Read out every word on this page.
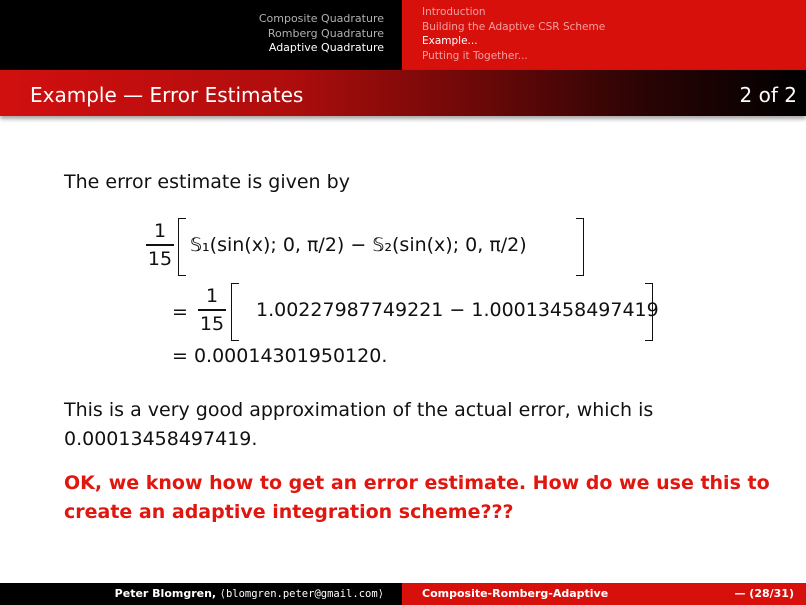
Composite Quadrature
Romberg Quadrature
Adaptive Quadrature
Introduction
Building the Adaptive CSR Scheme
Example...
Putting it Together...
Example — Error Estimates	2 of 2
The error estimate is given by
1
15
𝕊₁(sin(x); 0, π/2) − 𝕊₂(sin(x); 0, π/2)
=
1
15
1.00227987749221 − 1.00013458497419
= 0.00014301950120.
This is a very good approximation of the actual error, which is 0.00013458497419.
OK, we know how to get an error estimate. How do we use this to create an adaptive integration scheme???
Peter Blomgren, ⟨blomgren.peter@gmail.com⟩	Composite-Romberg-Adaptive	— (28/31)
